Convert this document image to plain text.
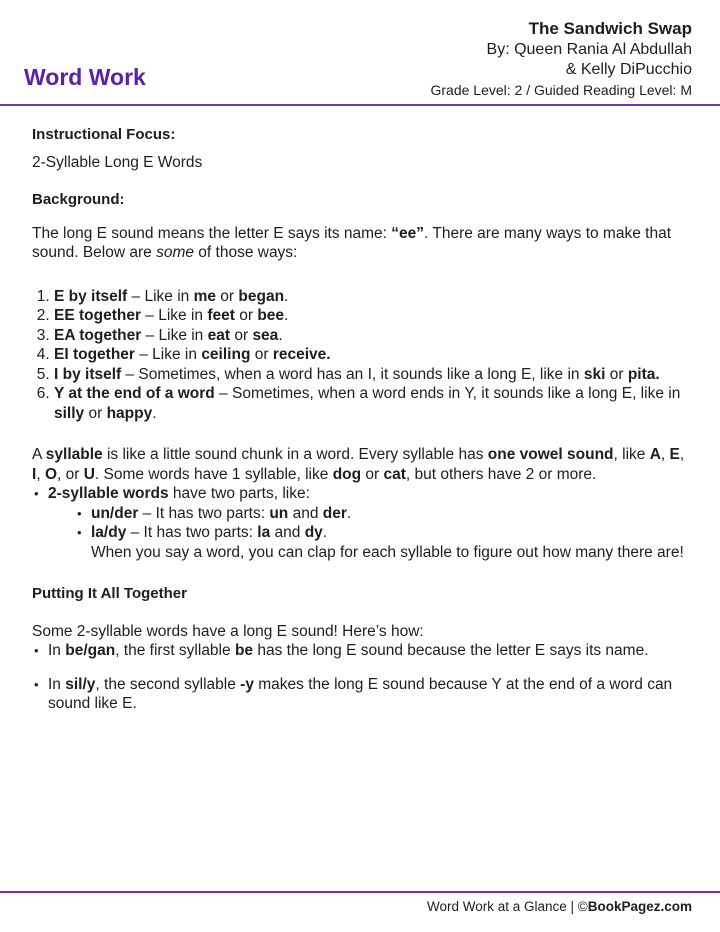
The Sandwich Swap
By: Queen Rania Al Abdullah
& Kelly DiPucchio
Grade Level: 2 / Guided Reading Level: M
Word Work

Instructional Focus:

2-Syllable Long E Words

Background:

The long E sound means the letter E says its name: “ee”. There are many ways to make that sound. Below are some of those ways:

1. E by itself – Like in me or began.
2. EE together – Like in feet or bee.
3. EA together – Like in eat or sea.
4. EI together – Like in ceiling or receive.
5. I by itself – Sometimes, when a word has an I, it sounds like a long E, like in ski or pita.
6. Y at the end of a word – Sometimes, when a word ends in Y, it sounds like a long E, like in silly or happy.

A syllable is like a little sound chunk in a word. Every syllable has one vowel sound, like A, E, I, O, or U. Some words have 1 syllable, like dog or cat, but others have 2 or more.

• 2-syllable words have two parts, like:
• un/der – It has two parts: un and der.
• la/dy – It has two parts: la and dy.
When you say a word, you can clap for each syllable to figure out how many there are!

Putting It All Together

Some 2-syllable words have a long E sound! Here’s how:

• In be/gan, the first syllable be has the long E sound because the letter E says its name.
• In sil/y, the second syllable -y makes the long E sound because Y at the end of a word can sound like E.
Word Work at a Glance | ©BookPagez.com
